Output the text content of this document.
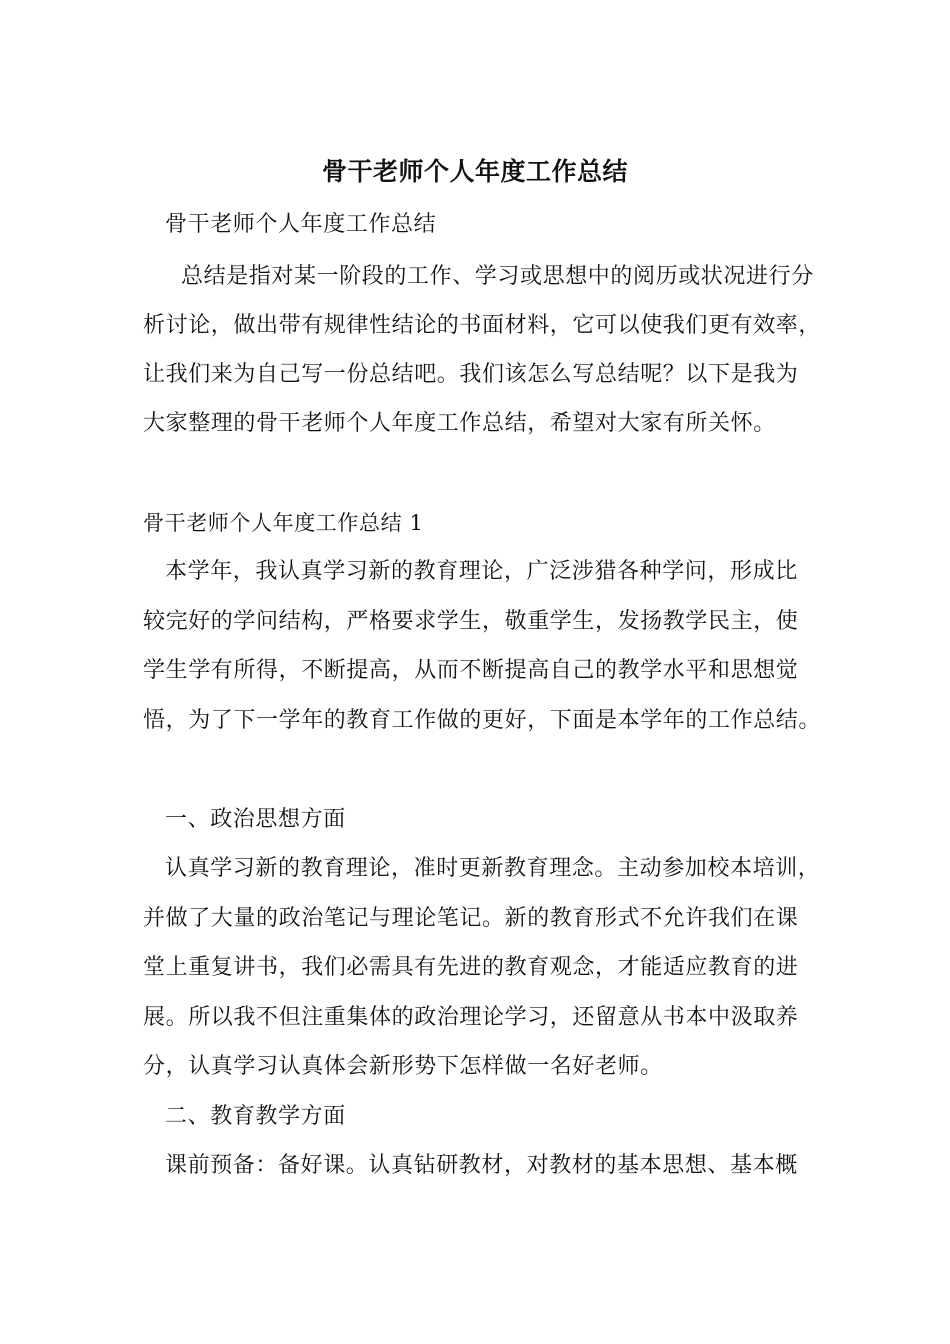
骨干老师个人年度工作总结
骨干老师个人年度工作总结
总结是指对某一阶段的工作、学习或思想中的阅历或状况进行分
析讨论，做出带有规律性结论的书面材料，它可以使我们更有效率，
让我们来为自己写一份总结吧。我们该怎么写总结呢？以下是我为
大家整理的骨干老师个人年度工作总结，希望对大家有所关怀。
骨干老师个人年度工作总结 1
本学年，我认真学习新的教育理论，广泛涉猎各种学问，形成比
较完好的学问结构，严格要求学生，敬重学生，发扬教学民主，使
学生学有所得，不断提高，从而不断提高自己的教学水平和思想觉
悟，为了下一学年的教育工作做的更好，下面是本学年的工作总结。
一、政治思想方面
认真学习新的教育理论，准时更新教育理念。主动参加校本培训，
并做了大量的政治笔记与理论笔记。新的教育形式不允许我们在课
堂上重复讲书，我们必需具有先进的教育观念，才能适应教育的进
展。所以我不但注重集体的政治理论学习，还留意从书本中汲取养
分，认真学习认真体会新形势下怎样做一名好老师。
二、教育教学方面
课前预备：备好课。认真钻研教材，对教材的基本思想、基本概
